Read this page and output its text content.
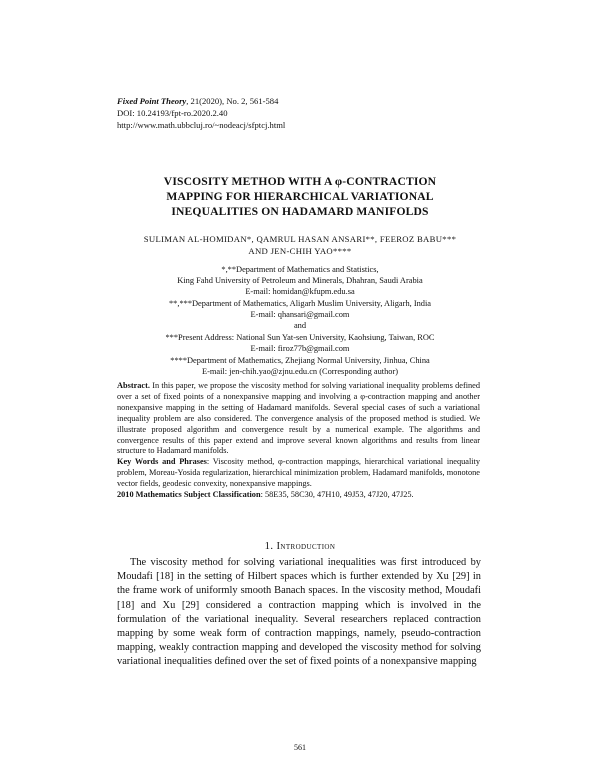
Fixed Point Theory, 21(2020), No. 2, 561-584
DOI: 10.24193/fpt-ro.2020.2.40
http://www.math.ubbcluj.ro/~nodeacj/sfptcj.html
VISCOSITY METHOD WITH A φ-CONTRACTION
MAPPING FOR HIERARCHICAL VARIATIONAL
INEQUALITIES ON HADAMARD MANIFOLDS
SULIMAN AL-HOMIDAN*, QAMRUL HASAN ANSARI**, FEEROZ BABU***
AND JEN-CHIH YAO****
*,**Department of Mathematics and Statistics,
King Fahd University of Petroleum and Minerals, Dhahran, Saudi Arabia
E-mail: homidan@kfupm.edu.sa
**,***Department of Mathematics, Aligarh Muslim University, Aligarh, India
E-mail: qhansari@gmail.com
and
***Present Address: National Sun Yat-sen University, Kaohsiung, Taiwan, ROC
E-mail: firoz77b@gmail.com
****Department of Mathematics, Zhejiang Normal University, Jinhua, China
E-mail: jen-chih.yao@zjnu.edu.cn (Corresponding author)

Abstract. In this paper, we propose the viscosity method for solving variational inequality problems defined over a set of fixed points of a nonexpansive mapping and involving a φ-contraction mapping and another nonexpansive mapping in the setting of Hadamard manifolds. Several special cases of such a variational inequality problem are also considered. The convergence analysis of the proposed method is studied. We illustrate proposed algorithm and convergence result by a numerical example. The algorithms and convergence results of this paper extend and improve several known algorithms and results from linear structure to Hadamard manifolds.

Key Words and Phrases: Viscosity method, φ-contraction mappings, hierarchical variational inequality problem, Moreau-Yosida regularization, hierarchical minimization problem, Hadamard manifolds, monotone vector fields, geodesic convexity, nonexpansive mappings.

2010 Mathematics Subject Classification: 58E35, 58C30, 47H10, 49J53, 47J20, 47J25.

1. Introduction

The viscosity method for solving variational inequalities was first introduced by Moudafi [18] in the setting of Hilbert spaces which is further extended by Xu [29] in the frame work of uniformly smooth Banach spaces. In the viscosity method, Moudafi [18] and Xu [29] considered a contraction mapping which is involved in the formulation of the variational inequality. Several researchers replaced contraction mapping by some weak form of contraction mappings, namely, pseudo-contraction mapping, weakly contraction mapping and developed the viscosity method for solving variational inequalities defined over the set of fixed points of a nonexpansive mapping

561
